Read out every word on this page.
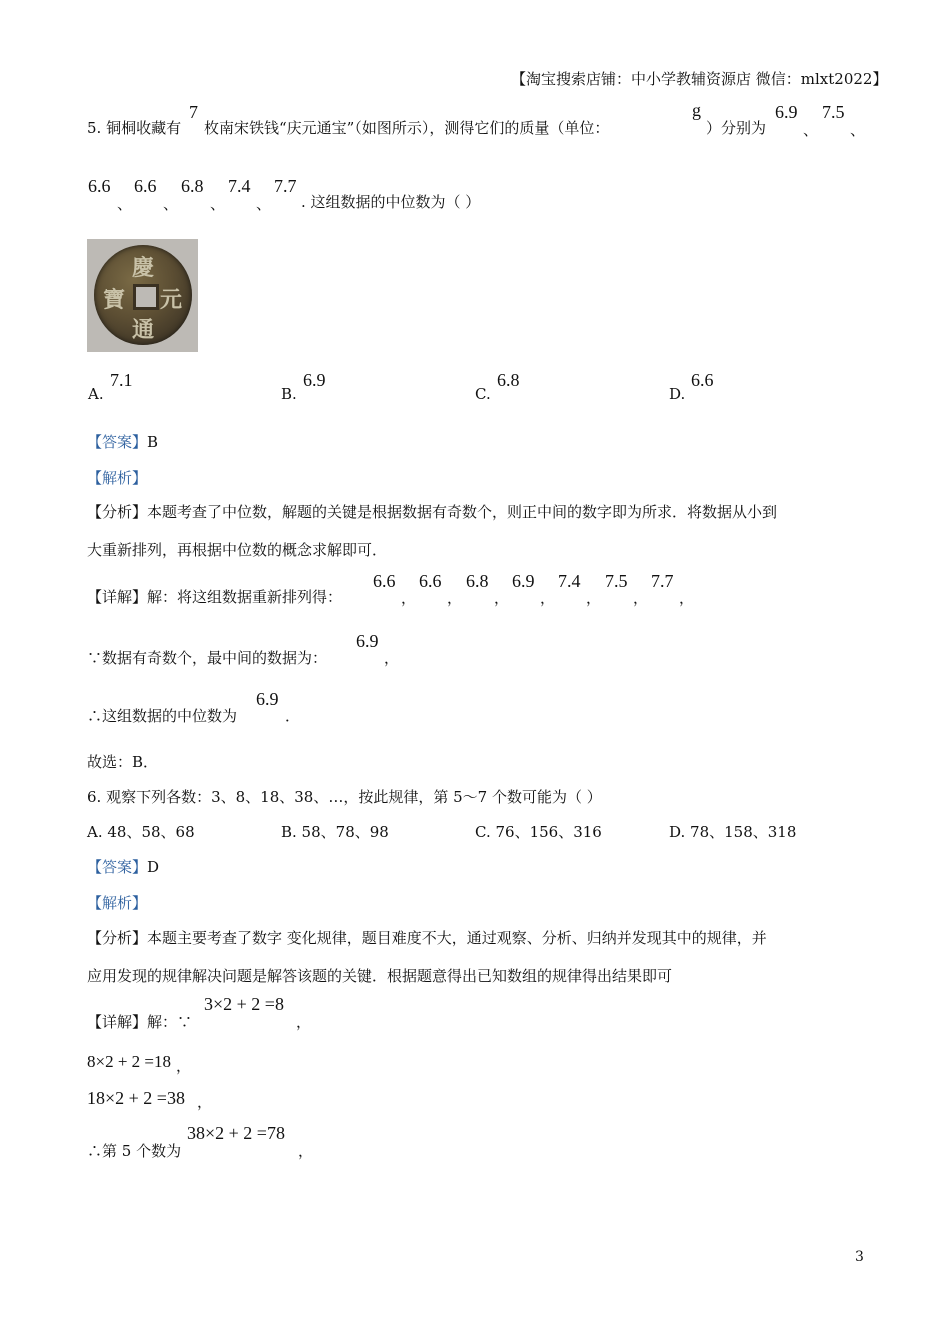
【淘宝搜索店铺：中小学教辅资源店 微信：mlxt2022】
5. 铜桐收藏有
7
枚南宋铁钱“庆元通宝”（如图所示），测得它们的质量（单位：
g
）分别为
6.9
、
7.5
、
6.6
、
6.6
、
6.8
、
7.4
、
7.7
. 这组数据的中位数为（ ）
慶
元
通
寶
A.
7.1
B.
6.9
C.
6.8
D.
6.6
【答案】B
【解析】
【分析】本题考查了中位数，解题的关键是根据数据有奇数个，则正中间的数字即为所求．将数据从小到
大重新排列，再根据中位数的概念求解即可．
【详解】解：将这组数据重新排列得：
6.6
，
6.6
，
6.8
，
6.9
，
7.4
，
7.5
，
7.7
，
∵数据有奇数个，最中间的数据为：
6.9
，
∴这组数据的中位数为
6.9
．
故选：B．
6. 观察下列各数：3、8、18、38、…，按此规律，第 5～7 个数可能为（ ）
A. 48、58、68	B. 58、78、98	C. 76、156、316	D. 78、158、318
【答案】D
【解析】
【分析】本题主要考查了数字 变化规律，题目难度不大，通过观察、分析、归纳并发现其中的规律，并
应用发现的规律解决问题是解答该题的关键．根据题意得出已知数组的规律得出结果即可
【详解】解：∵
3×2 + 2 =8
，
8×2 + 2 =18 ，
18×2 + 2 =38 ，
∴第 5 个数为
38×2 + 2 =78
，
3
